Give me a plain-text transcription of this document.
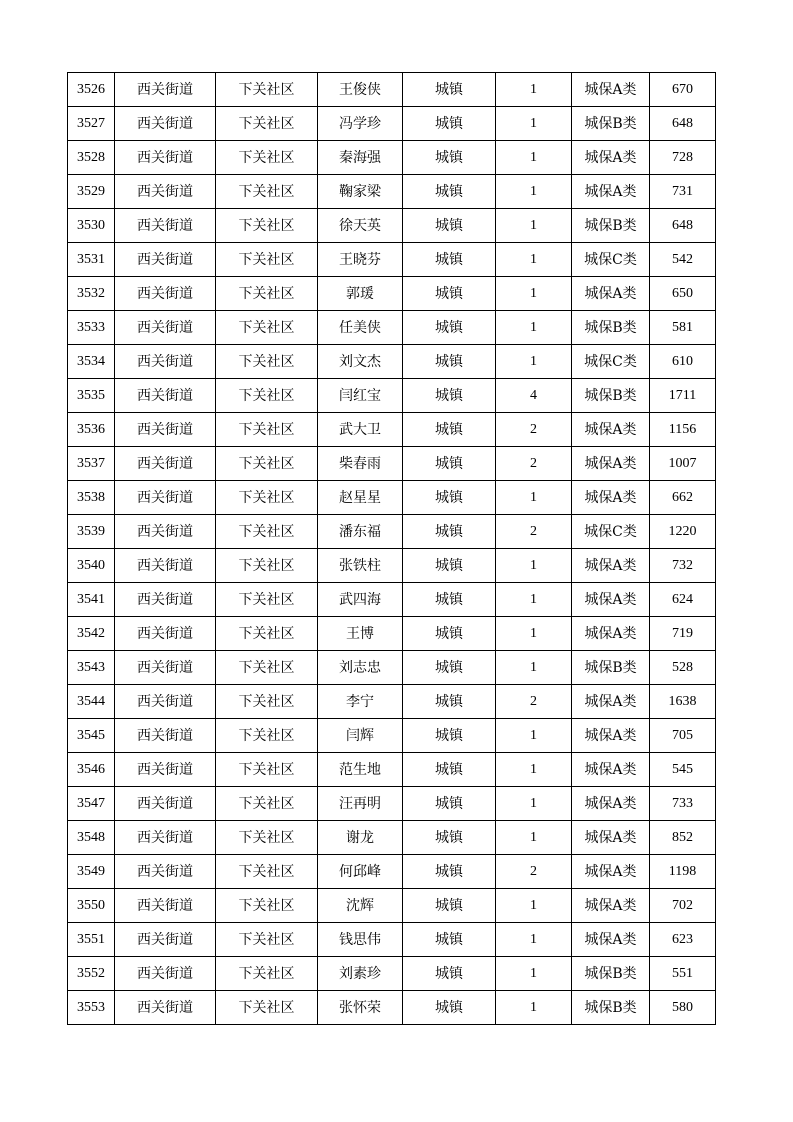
3526	西关街道	下关社区	王俊侠	城镇	1	城保A类	670
3527	西关街道	下关社区	冯学珍	城镇	1	城保B类	648
3528	西关街道	下关社区	秦海强	城镇	1	城保A类	728
3529	西关街道	下关社区	鞠家梁	城镇	1	城保A类	731
3530	西关街道	下关社区	徐天英	城镇	1	城保B类	648
3531	西关街道	下关社区	王晓芬	城镇	1	城保C类	542
3532	西关街道	下关社区	郭瑗	城镇	1	城保A类	650
3533	西关街道	下关社区	任美侠	城镇	1	城保B类	581
3534	西关街道	下关社区	刘文杰	城镇	1	城保C类	610
3535	西关街道	下关社区	闫红宝	城镇	4	城保B类	1711
3536	西关街道	下关社区	武大卫	城镇	2	城保A类	1156
3537	西关街道	下关社区	柴春雨	城镇	2	城保A类	1007
3538	西关街道	下关社区	赵星星	城镇	1	城保A类	662
3539	西关街道	下关社区	潘东福	城镇	2	城保C类	1220
3540	西关街道	下关社区	张铁柱	城镇	1	城保A类	732
3541	西关街道	下关社区	武四海	城镇	1	城保A类	624
3542	西关街道	下关社区	王博	城镇	1	城保A类	719
3543	西关街道	下关社区	刘志忠	城镇	1	城保B类	528
3544	西关街道	下关社区	李宁	城镇	2	城保A类	1638
3545	西关街道	下关社区	闫辉	城镇	1	城保A类	705
3546	西关街道	下关社区	范生地	城镇	1	城保A类	545
3547	西关街道	下关社区	汪再明	城镇	1	城保A类	733
3548	西关街道	下关社区	谢龙	城镇	1	城保A类	852
3549	西关街道	下关社区	何邱峰	城镇	2	城保A类	1198
3550	西关街道	下关社区	沈辉	城镇	1	城保A类	702
3551	西关街道	下关社区	钱思伟	城镇	1	城保A类	623
3552	西关街道	下关社区	刘素珍	城镇	1	城保B类	551
3553	西关街道	下关社区	张怀荣	城镇	1	城保B类	580
